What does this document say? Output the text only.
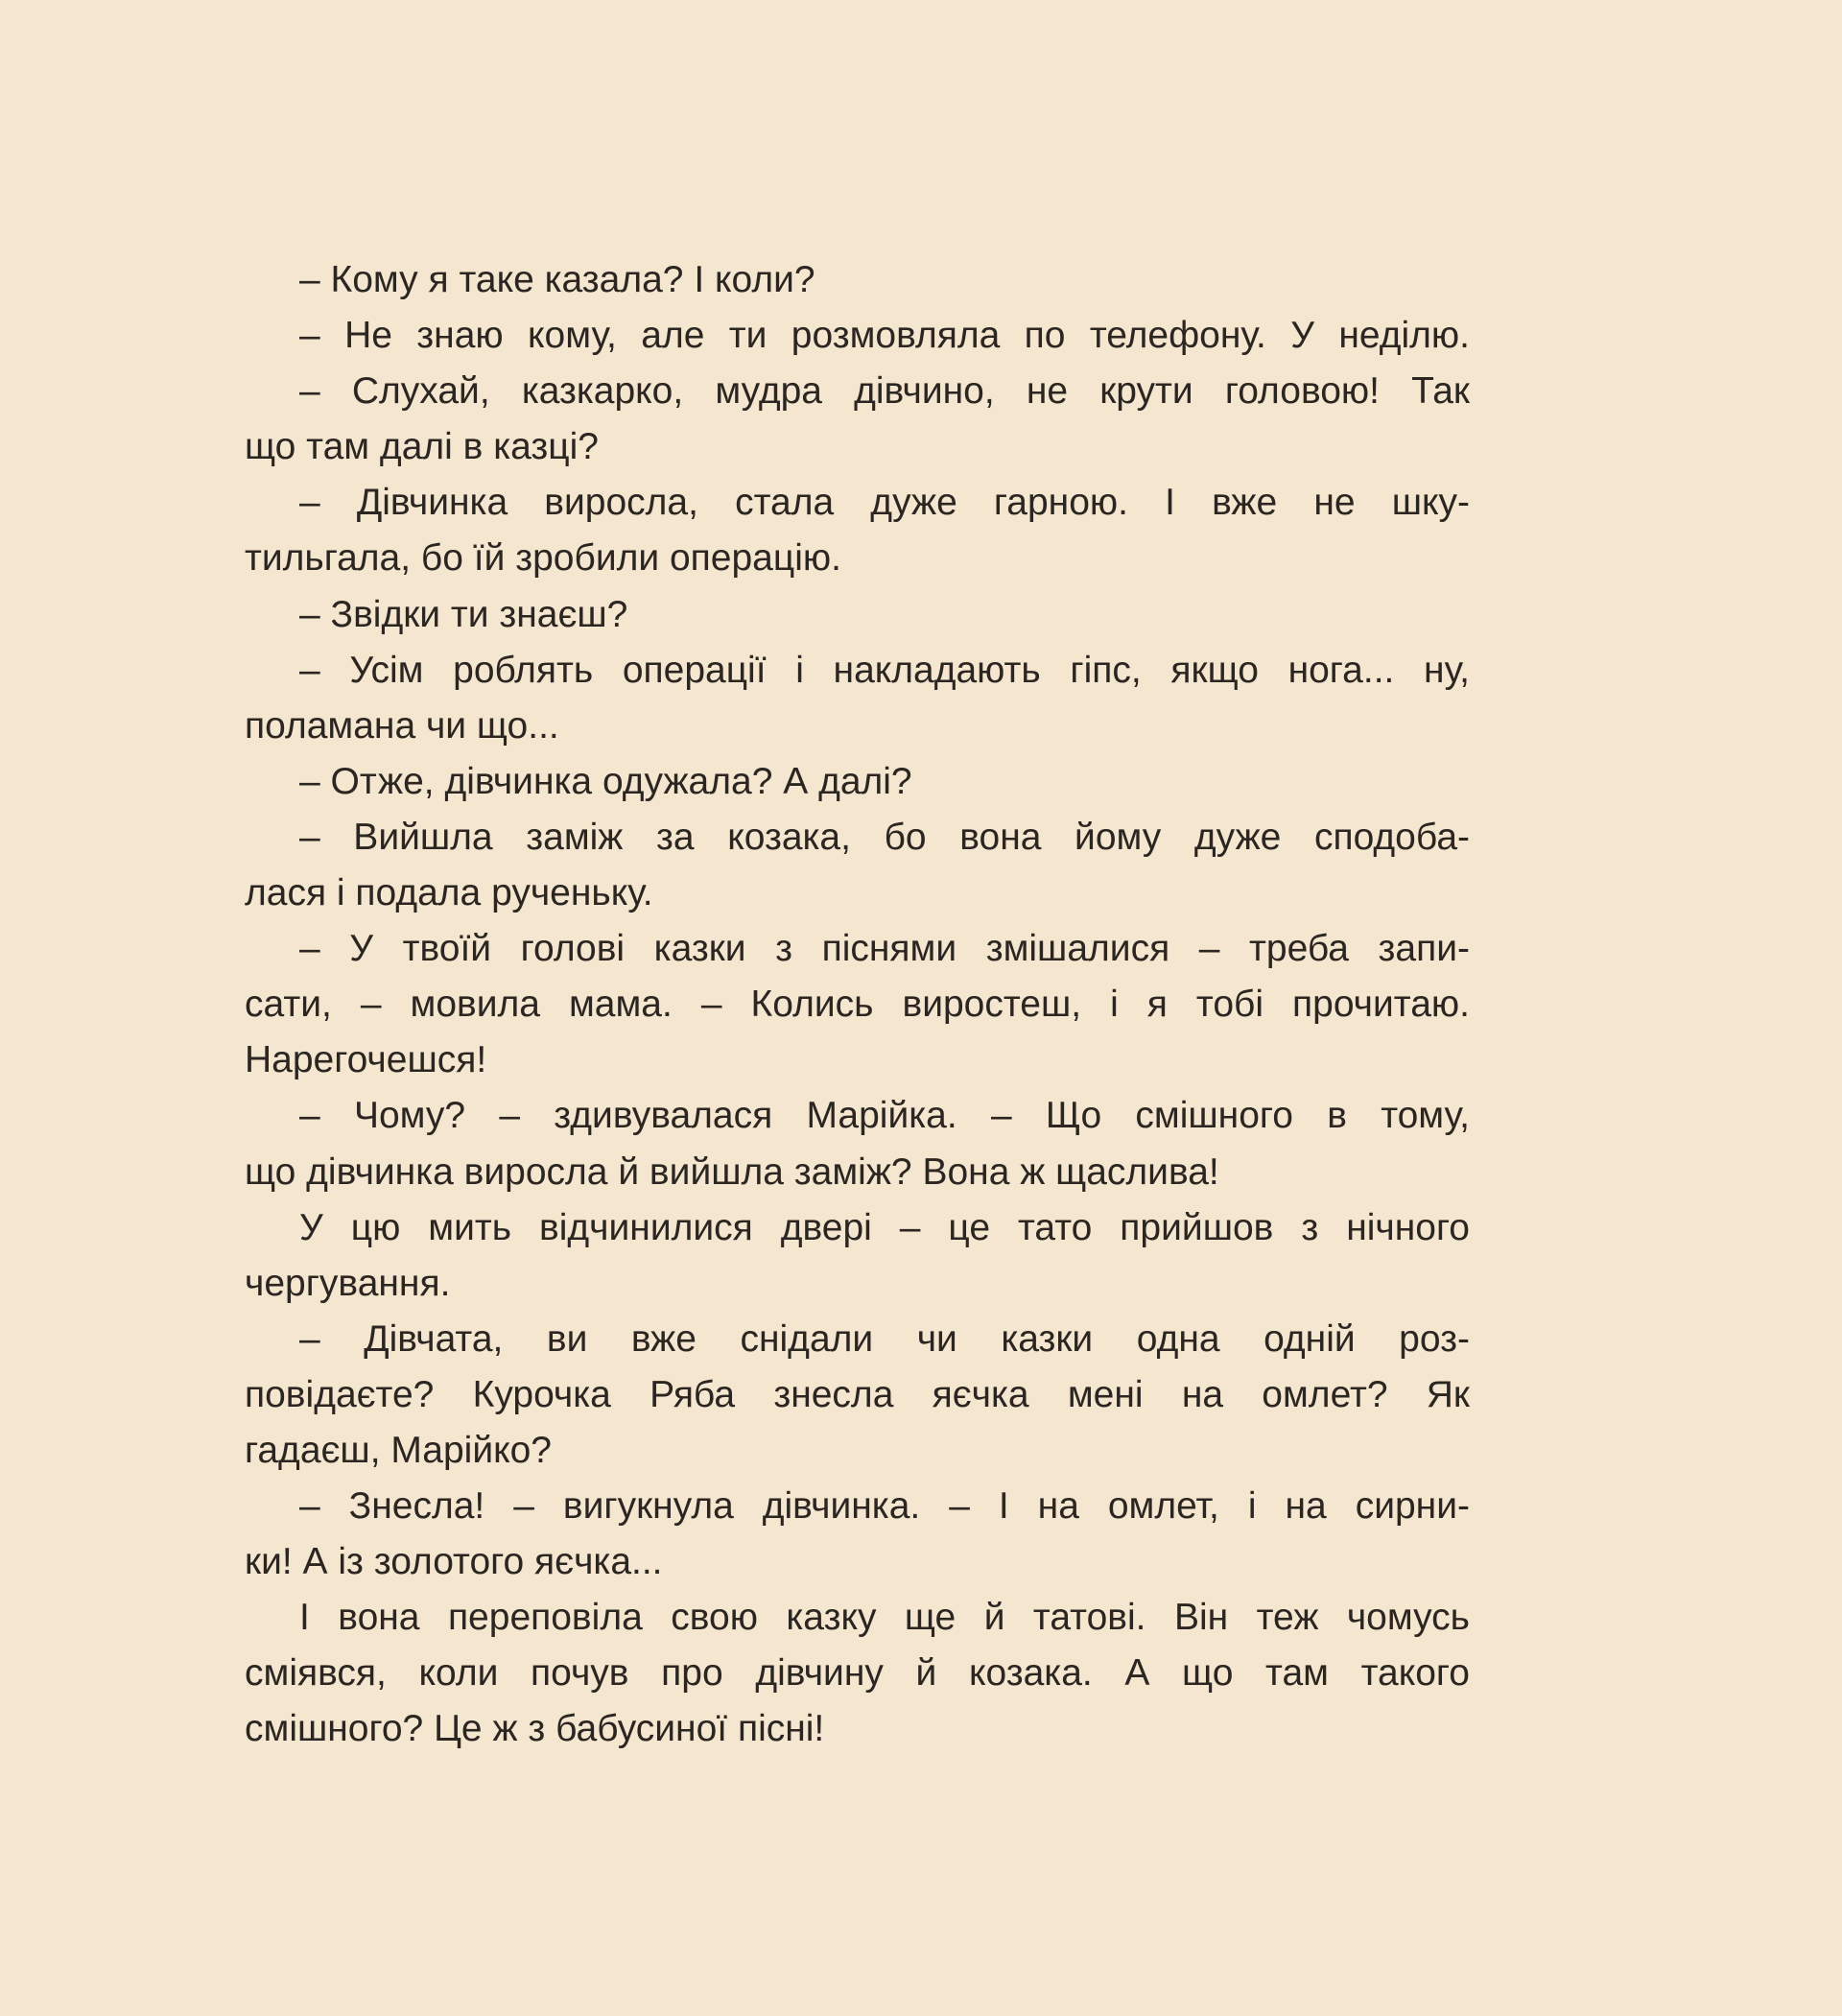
– Кому я таке казала? І коли?
– Не знаю кому, але ти розмовляла по телефону. У неділю.
– Слухай, казкарко, мудра дівчино, не крути головою! Так
що там далі в казці?
– Дівчинка виросла, стала дуже гарною. І вже не шку-
тильгала, бо їй зробили операцію.
– Звідки ти знаєш?
– Усім роблять операції і накладають гіпс, якщо нога... ну,
поламана чи що...
– Отже, дівчинка одужала? А далі?
– Вийшла заміж за козака, бо вона йому дуже сподоба-
лася і подала рученьку.
– У твоїй голові казки з піснями змішалися – треба запи-
сати, – мовила мама. – Колись виростеш, і я тобі прочитаю.
Нарегочешся!
– Чому? – здивувалася Марійка. – Що смішного в тому,
що дівчинка виросла й вийшла заміж? Вона ж щаслива!
У цю мить відчинилися двері – це тато прийшов з нічного
чергування.
– Дівчата, ви вже снідали чи казки одна одній роз-
повідаєте? Курочка Ряба знесла яєчка мені на омлет? Як
гадаєш, Марійко?
– Знесла! – вигукнула дівчинка. – І на омлет, і на сирни-
ки! А із золотого яєчка...
І вона переповіла свою казку ще й татові. Він теж чомусь
сміявся, коли почув про дівчину й козака. А що там такого
смішного? Це ж з бабусиної пісні!
